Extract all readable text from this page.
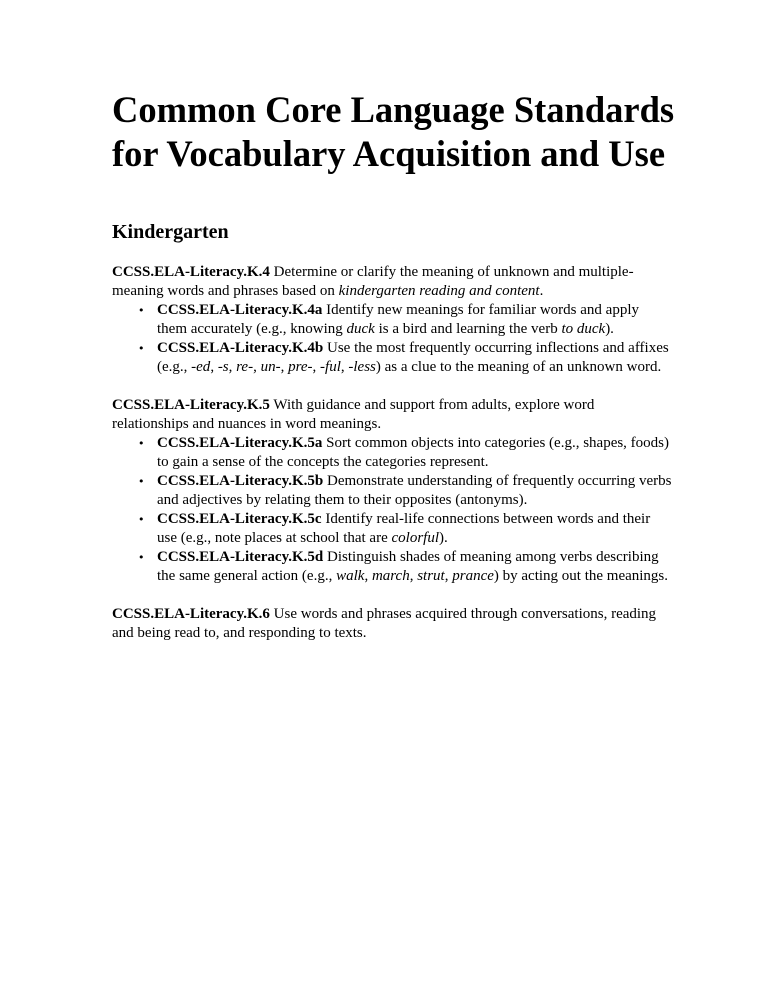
Common Core Language Standards for Vocabulary Acquisition and Use
Kindergarten
CCSS.ELA-Literacy.K.4 Determine or clarify the meaning of unknown and multiple-meaning words and phrases based on kindergarten reading and content.
• CCSS.ELA-Literacy.K.4a Identify new meanings for familiar words and apply them accurately (e.g., knowing duck is a bird and learning the verb to duck).
• CCSS.ELA-Literacy.K.4b Use the most frequently occurring inflections and affixes (e.g., -ed, -s, re-, un-, pre-, -ful, -less) as a clue to the meaning of an unknown word.
CCSS.ELA-Literacy.K.5 With guidance and support from adults, explore word relationships and nuances in word meanings.
• CCSS.ELA-Literacy.K.5a Sort common objects into categories (e.g., shapes, foods) to gain a sense of the concepts the categories represent.
• CCSS.ELA-Literacy.K.5b Demonstrate understanding of frequently occurring verbs and adjectives by relating them to their opposites (antonyms).
• CCSS.ELA-Literacy.K.5c Identify real-life connections between words and their use (e.g., note places at school that are colorful).
• CCSS.ELA-Literacy.K.5d Distinguish shades of meaning among verbs describing the same general action (e.g., walk, march, strut, prance) by acting out the meanings.
CCSS.ELA-Literacy.K.6 Use words and phrases acquired through conversations, reading and being read to, and responding to texts.
